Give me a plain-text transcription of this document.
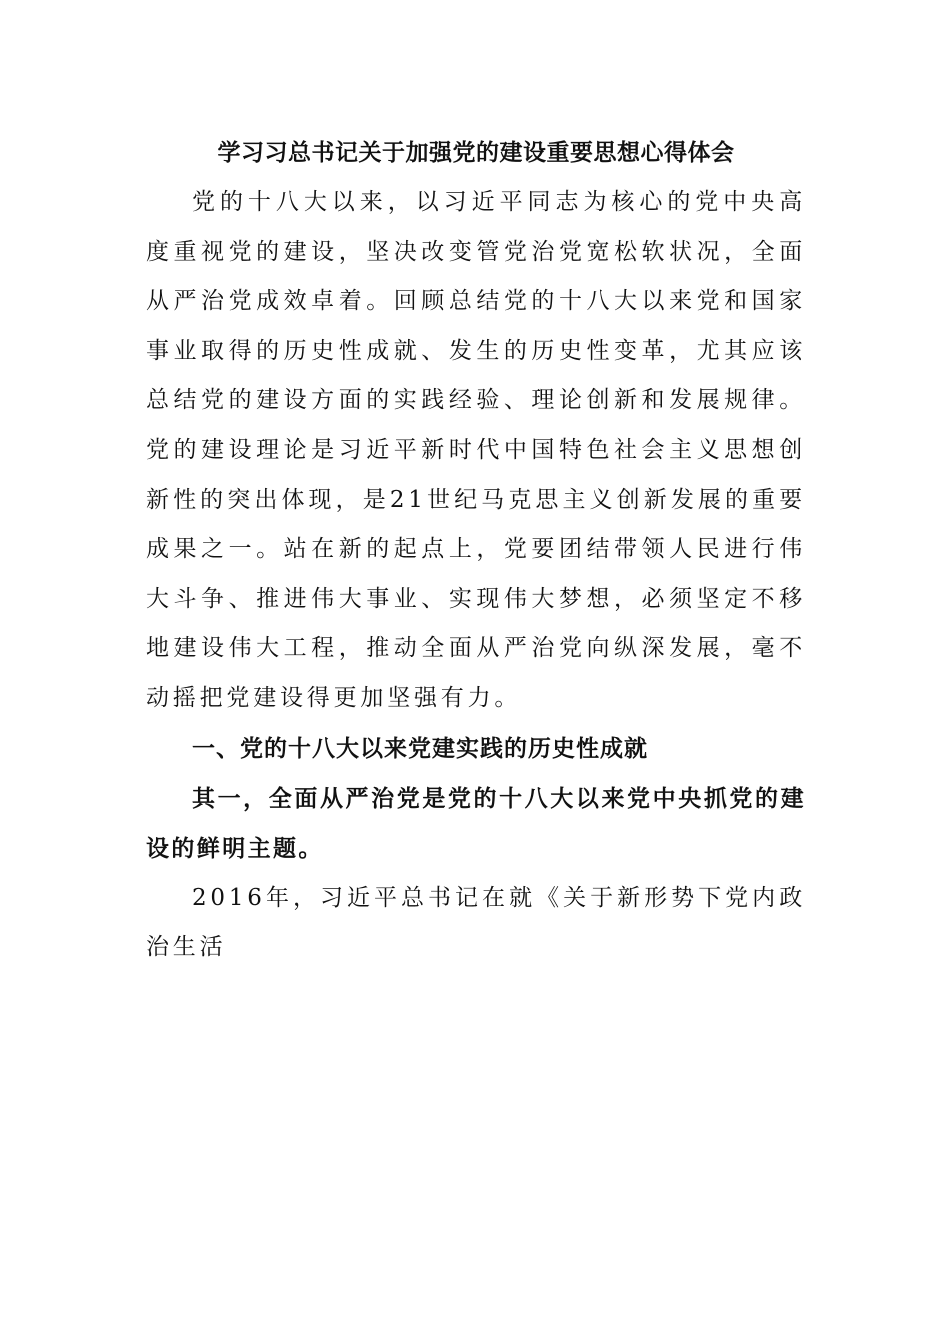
学习习总书记关于加强党的建设重要思想心得体会

党的十八大以来，以习近平同志为核心的党中央高度重视党的建设，坚决改变管党治党宽松软状况，全面从严治党成效卓着。回顾总结党的十八大以来党和国家事业取得的历史性成就、发生的历史性变革，尤其应该总结党的建设方面的实践经验、理论创新和发展规律。党的建设理论是习近平新时代中国特色社会主义思想创新性的突出体现，是21世纪马克思主义创新发展的重要成果之一。站在新的起点上，党要团结带领人民进行伟大斗争、推进伟大事业、实现伟大梦想，必须坚定不移地建设伟大工程，推动全面从严治党向纵深发展，毫不动摇把党建设得更加坚强有力。

一、党的十八大以来党建实践的历史性成就

其一，全面从严治党是党的十八大以来党中央抓党的建设的鲜明主题。

2016年，习近平总书记在就《关于新形势下党内政治生活
